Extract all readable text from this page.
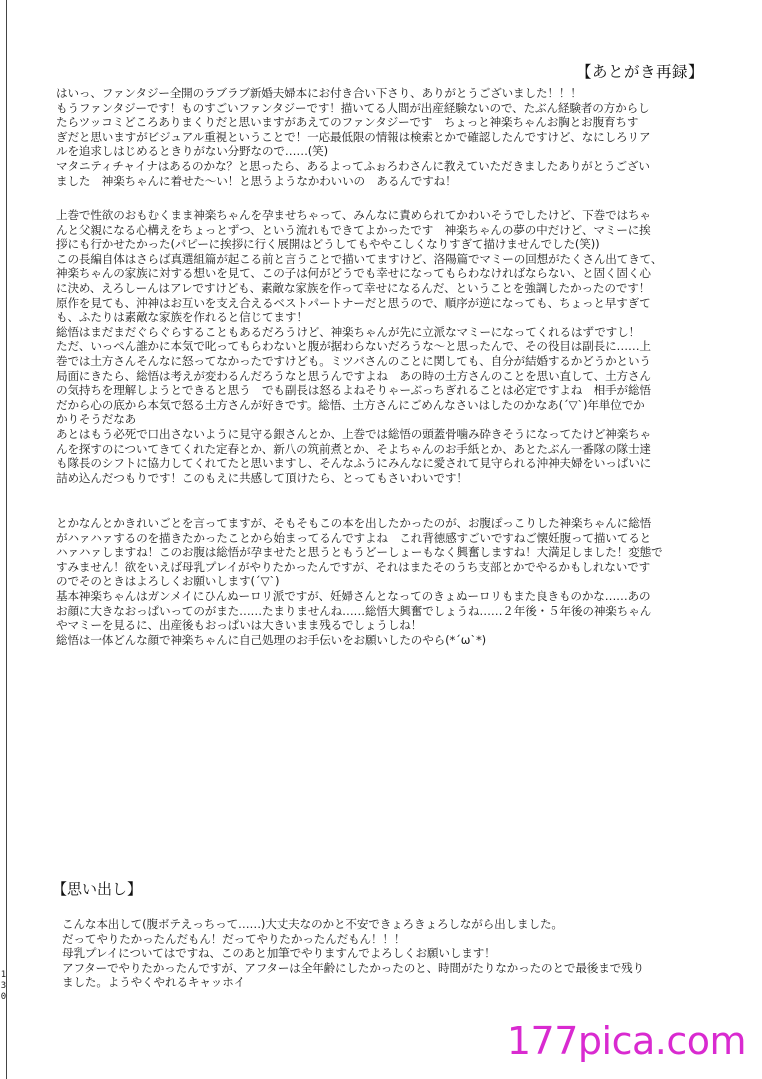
【あとがき再録】

はいっ、ファンタジー全開のラブラブ新婚夫婦本にお付き合い下さり、ありがとうございました！！！
もうファンタジーです！ものすごいファンタジーです！描いてる人間が出産経験ないので、たぶん経験者の方からし
たらツッコミどころありまくりだと思いますがあえてのファンタジーです　ちょっと神楽ちゃんお胸とお腹育ちす
ぎだと思いますがビジュアル重視ということで！一応最低限の情報は検索とかで確認したんですけど、なにしろリア
ルを追求しはじめるときりがない分野なので……(笑)
マタニティチャイナはあるのかな？と思ったら、あるよってふぉろわさんに教えていただきましたありがとうござい
ました　神楽ちゃんに着せた～い！と思うようなかわいいの　あるんですね！

上巻で性欲のおもむくまま神楽ちゃんを孕ませちゃって、みんなに責められてかわいそうでしたけど、下巻ではちゃ
んと父親になる心構えをちょっとずつ、という流れもできてよかったです　神楽ちゃんの夢の中だけど、マミーに挨
拶にも行かせたかった(パピーに挨拶に行く展開はどうしてもややこしくなりすぎて描けませんでした(笑))
この長編自体はさらば真選組篇が起こる前と言うことで描いてますけど、洛陽篇でマミーの回想がたくさん出てきて、
神楽ちゃんの家族に対する想いを見て、この子は何がどうでも幸せになってもらわなければならない、と固く固く心
に決め、えろしーんはアレですけども、素敵な家族を作って幸せになるんだ、ということを強調したかったのです！
原作を見ても、沖神はお互いを支え合えるベストパートナーだと思うので、順序が逆になっても、ちょっと早すぎて
も、ふたりは素敵な家族を作れると信じてます！
総悟はまだまだぐらぐらすることもあるだろうけど、神楽ちゃんが先に立派なマミーになってくれるはずですし！
ただ、いっぺん誰かに本気で叱ってもらわないと腹が据わらないだろうな～と思ったんで、その役目は副長に……上
巻では土方さんそんなに怒ってなかったですけども。ミツバさんのことに関しても、自分が結婚するかどうかという
局面にきたら、総悟は考えが変わるんだろうなと思うんですよね　あの時の土方さんのことを思い直して、土方さん
の気持ちを理解しようとできると思う　でも副長は怒るよねそりゃーぶっちぎれることは必定ですよね　相手が総悟
だから心の底から本気で怒る土方さんが好きです。総悟、土方さんにごめんなさいはしたのかなあ(´▽`)年単位でか
かりそうだなあ
あとはもう必死で口出さないように見守る銀さんとか、上巻では総悟の頭蓋骨噛み砕きそうになってたけど神楽ちゃ
んを探すのについてきてくれた定春とか、新八の筑前煮とか、そよちゃんのお手紙とか、あとたぶん一番隊の隊士達
も隊長のシフトに協力してくれてたと思いますし、そんなふうにみんなに愛されて見守られる沖神夫婦をいっぱいに
詰め込んだつもりです！このもえに共感して頂けたら、とってもさいわいです！

とかなんとかきれいごとを言ってますが、そもそもこの本を出したかったのが、お腹ぽっこりした神楽ちゃんに総悟
がハァハァするのを描きたかったことから始まってるんですよね　これ背徳感すごいですねご懐妊腹って描いてると
ハァハァしますね！このお腹は総悟が孕ませたと思うともうどーしょーもなく興奮しますね！大満足しました！変態で
すみません！欲をいえば母乳プレイがやりたかったんですが、それはまたそのうち支部とかでやるかもしれないです
のでそのときはよろしくお願いします(´▽`)
基本神楽ちゃんはガンメイにひんぬーロリ派ですが、妊婦さんとなってのきょぬーロリもまた良きものかな……あの
お顔に大きなおっぱいってのがまた……たまりませんね……総悟大興奮でしょうね……２年後・５年後の神楽ちゃん
やマミーを見るに、出産後もおっぱいは大きいまま残るでしょうしね！
総悟は一体どんな顔で神楽ちゃんに自己処理のお手伝いをお願いしたのやら(*´ω`*)

【思い出し】

こんな本出して(腹ボテえっちって……)大丈夫なのかと不安できょろきょろしながら出しました。
だってやりたかったんだもん！だってやりたかったんだもん！！！
母乳プレイについてはですね、このあと加筆でやりますんでよろしくお願いします！
アフターでやりたかったんですが、アフターは全年齢にしたかったのと、時間がたりなかったのとで最後まで残り
ました。ようやくやれるキャッホイ

1
3
0
177pica.com
